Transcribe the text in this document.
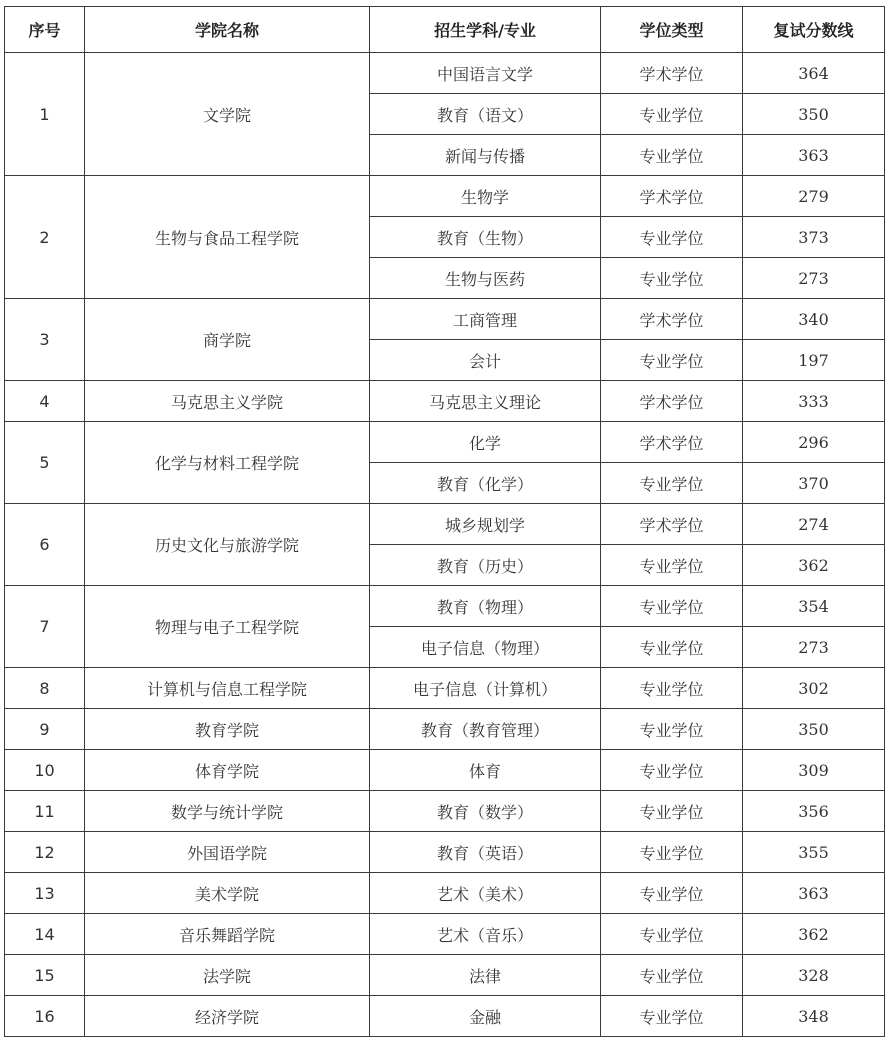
序号	学院名称	招生学科/专业	学位类型	复试分数线
1	文学院	中国语言文学	学术学位	364
		教育（语文）	专业学位	350
		新闻与传播	专业学位	363
2	生物与食品工程学院	生物学	学术学位	279
		教育（生物）	专业学位	373
		生物与医药	专业学位	273
3	商学院	工商管理	学术学位	340
		会计	专业学位	197
4	马克思主义学院	马克思主义理论	学术学位	333
5	化学与材料工程学院	化学	学术学位	296
		教育（化学）	专业学位	370
6	历史文化与旅游学院	城乡规划学	学术学位	274
		教育（历史）	专业学位	362
7	物理与电子工程学院	教育（物理）	专业学位	354
		电子信息（物理）	专业学位	273
8	计算机与信息工程学院	电子信息（计算机）	专业学位	302
9	教育学院	教育（教育管理）	专业学位	350
10	体育学院	体育	专业学位	309
11	数学与统计学院	教育（数学）	专业学位	356
12	外国语学院	教育（英语）	专业学位	355
13	美术学院	艺术（美术）	专业学位	363
14	音乐舞蹈学院	艺术（音乐）	专业学位	362
15	法学院	法律	专业学位	328
16	经济学院	金融	专业学位	348
